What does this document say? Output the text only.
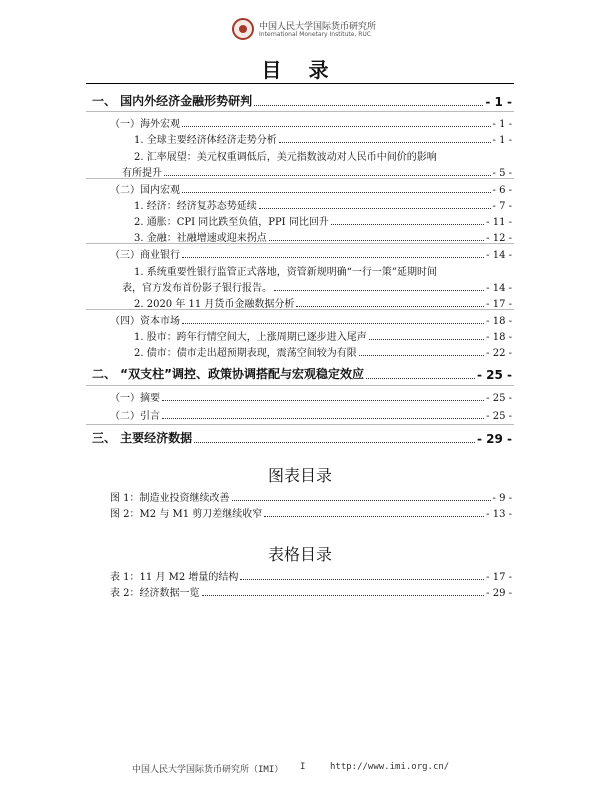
中国人民大学国际货币研究所
International Monetary Institute, RUC
目 录
一、 国内外经济金融形势研判	- 1 -
（一）海外宏观	- 1 -
1. 全球主要经济体经济走势分析	- 1 -
2. 汇率展望：美元权重调低后，美元指数波动对人民币中间价的影响
有所提升	- 5 -
（二）国内宏观	- 6 -
1. 经济：经济复苏态势延续	- 7 -
2. 通胀：CPI 同比跌至负值，PPI 同比回升	- 11 -
3. 金融：社融增速或迎来拐点	- 12 -
（三）商业银行	- 14 -
1. 系统重要性银行监管正式落地，资管新规明确“一行一策”延期时间
表，官方发布首份影子银行报告。	- 14 -
2. 2020 年 11 月货币金融数据分析	- 17 -
（四）资本市场	- 18 -
1. 股市：跨年行情空间大，上涨周期已逐步进入尾声	- 18 -
2. 债市：债市走出超预期表现，震荡空间较为有限	- 22 -
二、 “双支柱”调控、政策协调搭配与宏观稳定效应	- 25 -
（一）摘要	- 25 -
（二）引言	- 25 -
三、 主要经济数据	- 29 -
图表目录
图 1：制造业投资继续改善	- 9 -
图 2：M2 与 M1 剪刀差继续收窄	- 13 -
表格目录
表 1：11 月 M2 增量的结构	- 17 -
表 2：经济数据一览	- 29 -
中国人民大学国际货币研究所（IMI） I	http://www.imi.org.cn/
